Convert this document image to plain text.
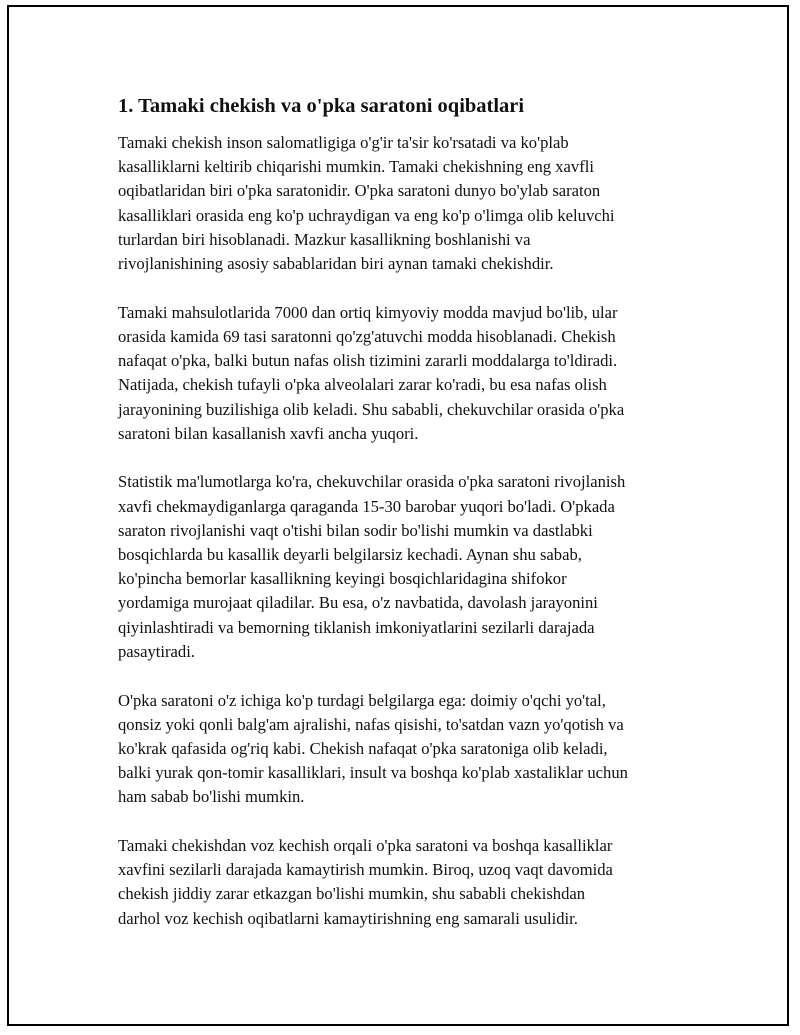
1. Tamaki chekish va o'pka saratoni oqibatlari

Tamaki chekish inson salomatligiga o'g'ir ta'sir ko'rsatadi va ko'plab
kasalliklarni keltirib chiqarishi mumkin. Tamaki chekishning eng xavfli
oqibatlaridan biri o'pka saratonidir. O'pka saratoni dunyo bo'ylab saraton
kasalliklari orasida eng ko'p uchraydigan va eng ko'p o'limga olib keluvchi
turlardan biri hisoblanadi. Mazkur kasallikning boshlanishi va
rivojlanishining asosiy sabablaridan biri aynan tamaki chekishdir.

Tamaki mahsulotlarida 7000 dan ortiq kimyoviy modda mavjud bo'lib, ular
orasida kamida 69 tasi saratonni qo'zg'atuvchi modda hisoblanadi. Chekish
nafaqat o'pka, balki butun nafas olish tizimini zararli moddalarga to'ldiradi.
Natijada, chekish tufayli o'pka alveolalari zarar ko'radi, bu esa nafas olish
jarayonining buzilishiga olib keladi. Shu sababli, chekuvchilar orasida o'pka
saratoni bilan kasallanish xavfi ancha yuqori.

Statistik ma'lumotlarga ko'ra, chekuvchilar orasida o'pka saratoni rivojlanish
xavfi chekmaydiganlarga qaraganda 15-30 barobar yuqori bo'ladi. O'pkada
saraton rivojlanishi vaqt o'tishi bilan sodir bo'lishi mumkin va dastlabki
bosqichlarda bu kasallik deyarli belgilarsiz kechadi. Aynan shu sabab,
ko'pincha bemorlar kasallikning keyingi bosqichlaridagina shifokor
yordamiga murojaat qiladilar. Bu esa, o'z navbatida, davolash jarayonini
qiyinlashtiradi va bemorning tiklanish imkoniyatlarini sezilarli darajada
pasaytiradi.

O'pka saratoni o'z ichiga ko'p turdagi belgilarga ega: doimiy o'qchi yo'tal,
qonsiz yoki qonli balg'am ajralishi, nafas qisishi, to'satdan vazn yo'qotish va
ko'krak qafasida og'riq kabi. Chekish nafaqat o'pka saratoniga olib keladi,
balki yurak qon-tomir kasalliklari, insult va boshqa ko'plab xastaliklar uchun
ham sabab bo'lishi mumkin.

Tamaki chekishdan voz kechish orqali o'pka saratoni va boshqa kasalliklar
xavfini sezilarli darajada kamaytirish mumkin. Biroq, uzoq vaqt davomida
chekish jiddiy zarar etkazgan bo'lishi mumkin, shu sababli chekishdan
darhol voz kechish oqibatlarni kamaytirishning eng samarali usulidir.
